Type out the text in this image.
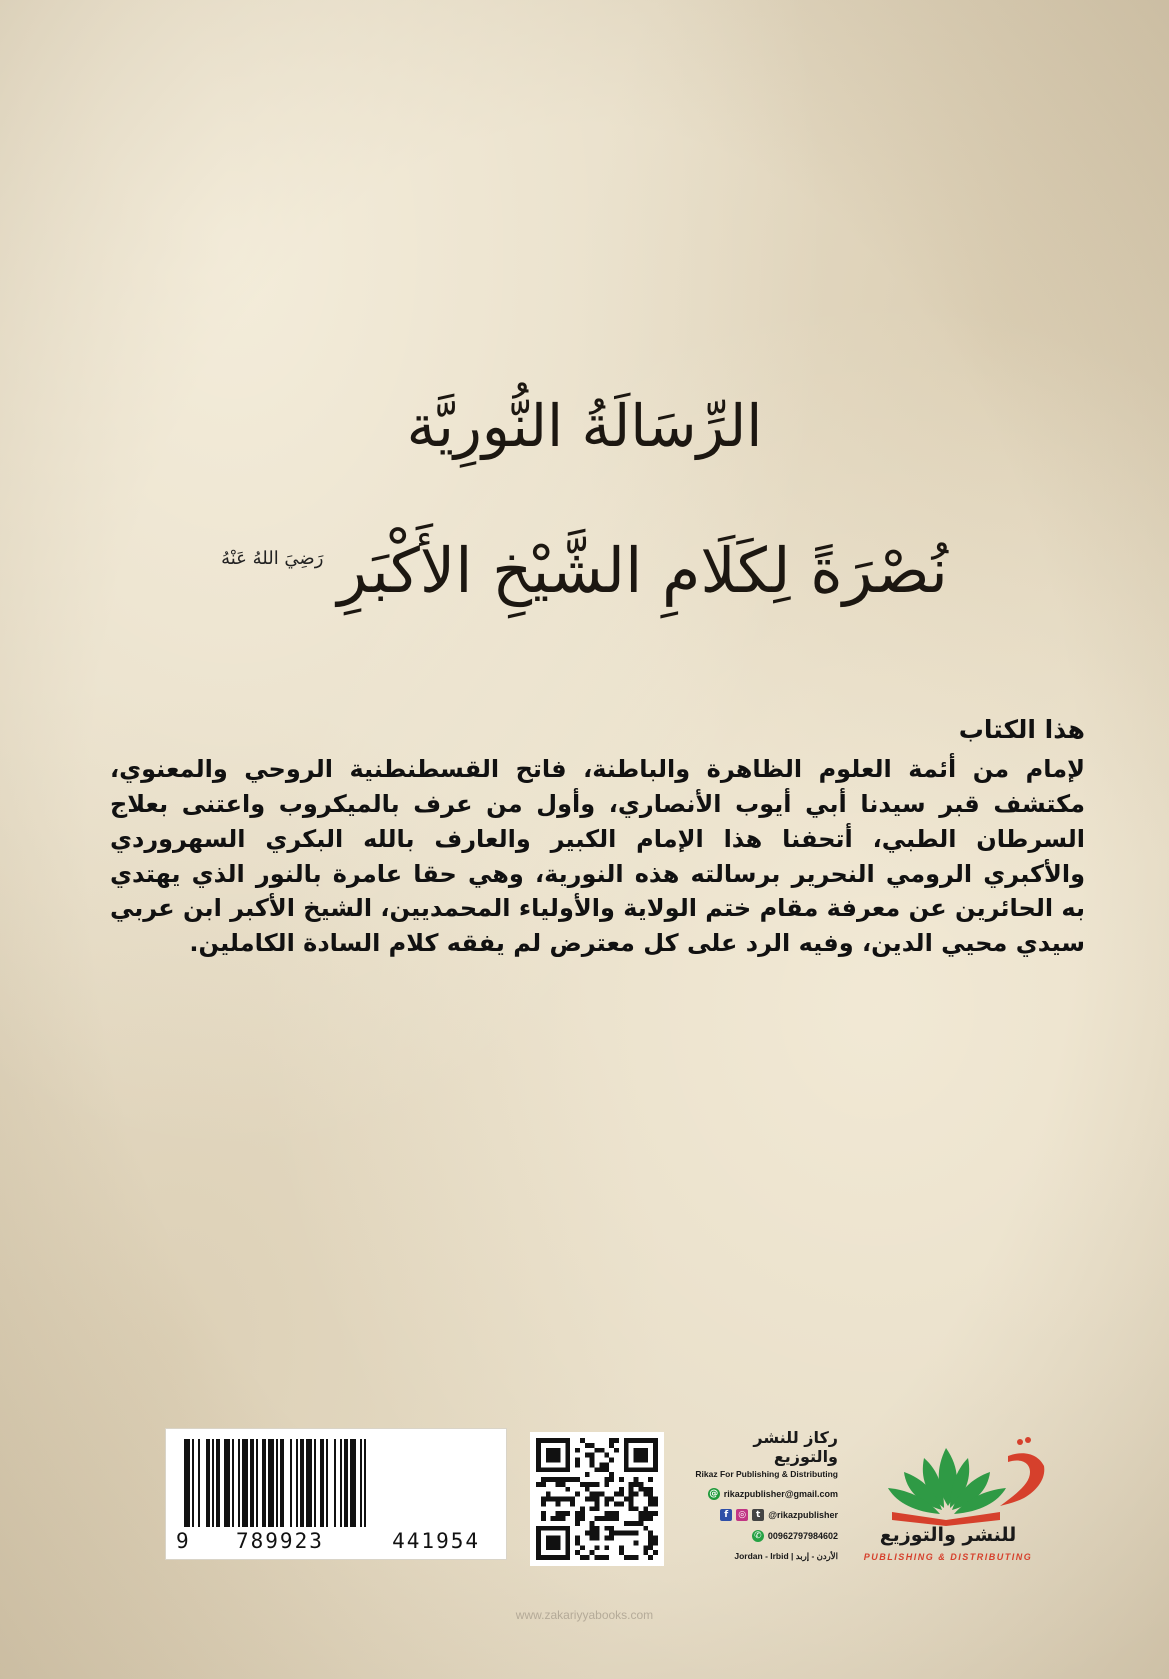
الرِّسَالَةُ النُّورِيَّة
نُصْرَةً لِكَلَامِ الشَّيْخِ الأَكْبَرِ$^{رَضِيَ اللهُ عَنْهُ}$
هذا الكتاب

لإمام من أئمة العلوم الظاهرة والباطنة، فاتح القسطنطنية الروحي والمعنوي، مكتشف قبر سيدنا أبي أيوب الأنصاري، وأول من عرف بالميكروب واعتنى بعلاج السرطان الطبي، أتحفنا هذا الإمام الكبير والعارف بالله البكري السهروردي والأكبري الرومي النحرير برسالته هذه النورية، وهي حقا عامرة بالنور الذي يهتدي به الحائرين عن معرفة مقام ختم الولاية والأولياء المحمديين، الشيخ الأكبر ابن عربي سيدي محيي الدين، وفيه الرد على كل معترض لم يفقه كلام السادة الكاملين.

9 789923	441954
ركاز للنشر والتوزيع
Rikaz For Publishing & Distributing
@ rikazpublisher@gmail.com
f	◎	t @rikazpublisher
✆ 00962797984602
Jordan - Irbid | الأردن - إربد
للنشر والتوزيع
PUBLISHING & DISTRIBUTING
www.zakariyyabooks.com
